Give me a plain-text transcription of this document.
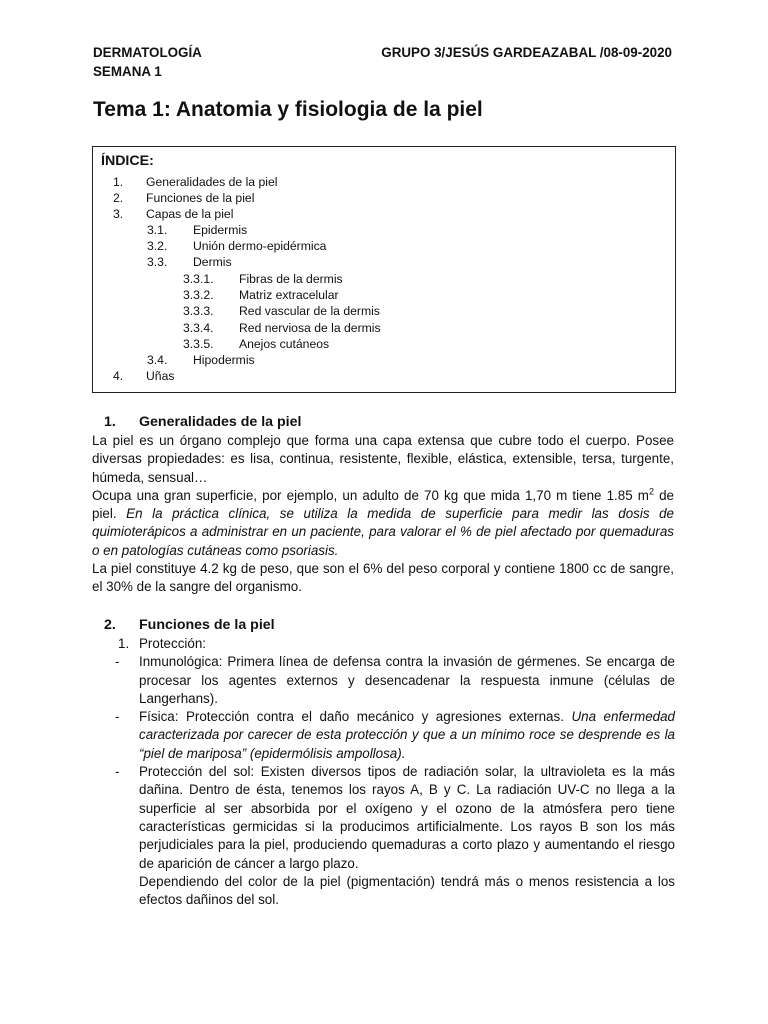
DERMATOLOGÍA
SEMANA 1
GRUPO 3/JESÚS GARDEAZABAL /08-09-2020
Tema 1: Anatomia y fisiologia de la piel
ÍNDICE:
1. Generalidades de la piel
2. Funciones de la piel
3. Capas de la piel
3.1. Epidermis
3.2. Unión dermo-epidérmica
3.3. Dermis
3.3.1. Fibras de la dermis
3.3.2. Matriz extracelular
3.3.3. Red vascular de la dermis
3.3.4. Red nerviosa de la dermis
3.3.5. Anejos cutáneos
3.4. Hipodermis
4. Uñas
1. Generalidades de la piel

La piel es un órgano complejo que forma una capa extensa que cubre todo el cuerpo. Posee diversas propiedades: es lisa, continua, resistente, flexible, elástica, extensible, tersa, turgente, húmeda, sensual…

Ocupa una gran superficie, por ejemplo, un adulto de 70 kg que mida 1,70 m tiene 1.85 $m^2$ de piel. En la práctica clínica, se utiliza la medida de superficie para medir las dosis de quimioterápicos a administrar en un paciente, para valorar el % de piel afectado por quemaduras o en patologías cutáneas como psoriasis.

La piel constituye 4.2 kg de peso, que son el 6% del peso corporal y contiene 1800 cc de sangre, el 30% de la sangre del organismo.

2. Funciones de la piel
1. Protección:
- Inmunológica: Primera línea de defensa contra la invasión de gérmenes. Se encarga de procesar los agentes externos y desencadenar la respuesta inmune (células de Langerhans).
- Física: Protección contra el daño mecánico y agresiones externas. Una enfermedad caracterizada por carecer de esta protección y que a un mínimo roce se desprende es la “piel de mariposa” (epidermólisis ampollosa).
- Protección del sol: Existen diversos tipos de radiación solar, la ultravioleta es la más dañina. Dentro de ésta, tenemos los rayos A, B y C. La radiación UV-C no llega a la superficie al ser absorbida por el oxígeno y el ozono de la atmósfera pero tiene características germicidas si la producimos artificialmente. Los rayos B son los más perjudiciales para la piel, produciendo quemaduras a corto plazo y aumentando el riesgo de aparición de cáncer a largo plazo.
Dependiendo del color de la piel (pigmentación) tendrá más o menos resistencia a los efectos dañinos del sol.
